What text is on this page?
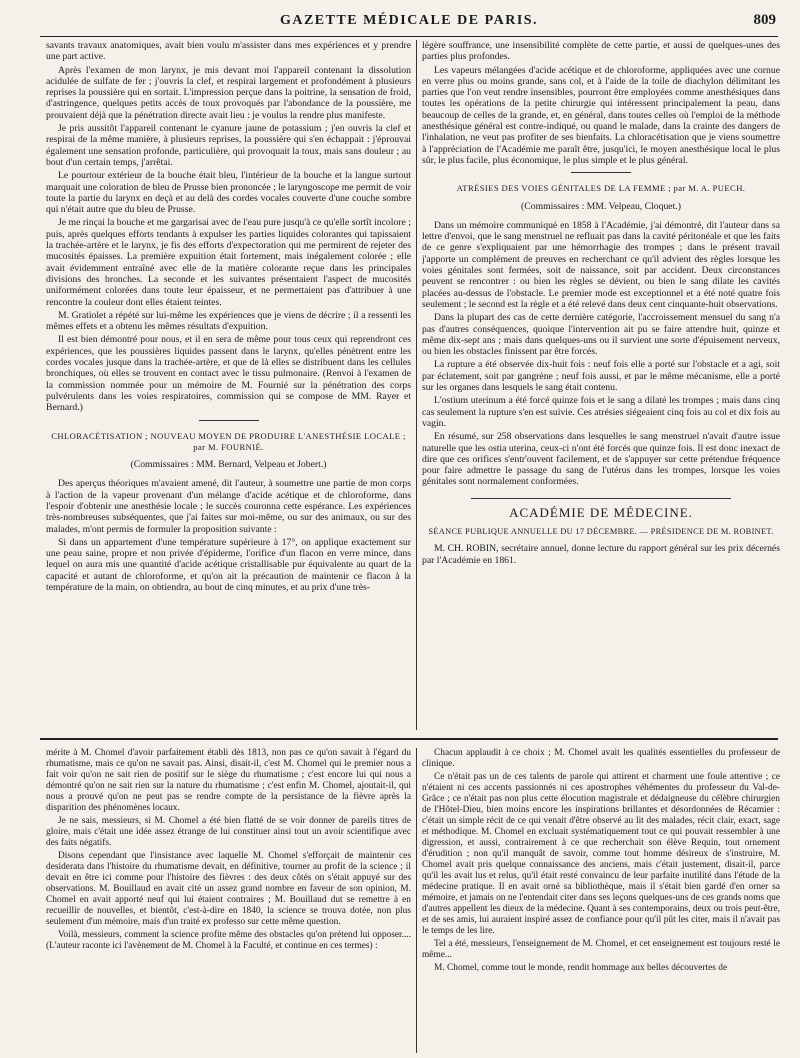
GAZETTE MÉDICALE DE PARIS.	809

savants travaux anatomiques, avait bien voulu m'assister dans mes expériences et y prendre une part active.

Après l'examen de mon larynx, je mis devant moi l'appareil contenant la dissolution acidulée de sulfate de fer ; j'ouvris la clef, et respirai largement et profondément à plusieurs reprises la poussière qui en sortait. L'impression perçue dans la poitrine, la sensation de froid, d'astringence, quelques petits accès de toux provoqués par l'abondance de la poussière, me prouvaient déjà que la pénétration directe avait lieu : je voulus la rendre plus manifeste.

Je pris aussitôt l'appareil contenant le cyanure jaune de potassium ; j'en ouvris la clef et respirai de la même manière, à plusieurs reprises, la poussière qui s'en échappait : j'éprouvai également une sensation profonde, particulière, qui provoquait la toux, mais sans douleur ; au bout d'un certain temps, j'arrêtai.

Le pourtour extérieur de la bouche était bleu, l'intérieur de la bouche et la langue surtout marquait une coloration de bleu de Prusse bien prononcée ; le laryngoscope me permit de voir toute la partie du larynx en deçà et au delà des cordes vocales couverte d'une couche sombre qui n'était autre que du bleu de Prusse.

Je me rinçai la bouche et me gargarisai avec de l'eau pure jusqu'à ce qu'elle sortît incolore ; puis, après quelques efforts tendants à expulser les parties liquides colorantes qui tapissaient la trachée-artère et le larynx, je fis des efforts d'expectoration qui me permirent de rejeter des mucosités épaisses. La première expuition était fortement, mais inégalement colorée ; elle avait évidemment entraîné avec elle de la matière colorante reçue dans les principales divisions des bronches. La seconde et les suivantes présentaient l'aspect de mucosités uniformément colorées dans toute leur épaisseur, et ne permettaient pas d'attribuer à une rencontre la couleur dont elles étaient teintes.

M. Gratiolet a répété sur lui-même les expériences que je viens de décrire ; il a ressenti les mêmes effets et a obtenu les mêmes résultats d'expuition.

Il est bien démontré pour nous, et il en sera de même pour tous ceux qui reprendront ces expériences, que les poussières liquides passent dans le larynx, qu'elles pénètrent entre les cordes vocales jusque dans la trachée-artère, et que de là elles se distribuent dans les cellules bronchiques, où elles se trouvent en contact avec le tissu pulmonaire. (Renvoi à l'examen de la commission nommée pour un mémoire de M. Fournié sur la pénétration des corps pulvérulents dans les voies respiratoires, commission qui se compose de MM. Rayer et Bernard.)

CHLORACÉTISATION ; NOUVEAU MOYEN DE PRODUIRE L'ANESTHÉSIE LOCALE ; par M. FOURNIÉ.

(Commissaires : MM. Bernard, Velpeau et Jobert.)

Des aperçus théoriques m'avaient amené, dit l'auteur, à soumettre une partie de mon corps à l'action de la vapeur provenant d'un mélange d'acide acétique et de chloroforme, dans l'espoir d'obtenir une anesthésie locale ; le succès couronna cette espérance. Les expériences très-nombreuses subséquentes, que j'ai faites sur moi-même, ou sur des animaux, ou sur des malades, m'ont permis de formuler la proposition suivante :

Si dans un appartement d'une température supérieure à 17°, on applique exactement sur une peau saine, propre et non privée d'épiderme, l'orifice d'un flacon en verre mince, dans lequel on aura mis une quantité d'acide acétique cristallisable pur équivalente au quart de la capacité et autant de chloroforme, et qu'on ait la précaution de maintenir ce flacon à la température de la main, on obtiendra, au bout de cinq minutes, et au prix d'une très-

légère souffrance, une insensibilité complète de cette partie, et aussi de quelques-unes des parties plus profondes.

Les vapeurs mélangées d'acide acétique et de chloroforme, appliquées avec une cornue en verre plus ou moins grande, sans col, et à l'aide de la toile de diachylon délimitant les parties que l'on veut rendre insensibles, pourront être employées comme anesthésiques dans toutes les opérations de la petite chirurgie qui intéressent principalement la peau, dans beaucoup de celles de la grande, et, en général, dans toutes celles où l'emploi de la méthode anesthésique général est contre-indiqué, ou quand le malade, dans la crainte des dangers de l'inhalation, ne veut pas profiter de ses bienfaits. La chloracétisation que je viens soumettre à l'appréciation de l'Académie me paraît être, jusqu'ici, le moyen anesthésique local le plus sûr, le plus facile, plus économique, le plus simple et le plus général.

ATRÉSIES DES VOIES GÉNITALES DE LA FEMME ; par M. A. PUECH.

(Commissaires : MM. Velpeau, Cloquet.)

Dans un mémoire communiqué en 1858 à l'Académie, j'ai démontré, dit l'auteur dans sa lettre d'envoi, que le sang menstruel ne refluait pas dans la cavité péritonéale et que les faits de ce genre s'expliquaient par une hémorrhagie des trompes ; dans le présent travail j'apporte un complément de preuves en recherchant ce qu'il advient des règles lorsque les voies génitales sont fermées, soit de naissance, soit par accident. Deux circonstances peuvent se rencontrer : ou bien les règles se dévient, ou bien le sang dilate les cavités placées au-dessus de l'obstacle. Le premier mode est exceptionnel et a été noté quatre fois seulement ; le second est la règle et a été relevé dans deux cent cinquante-huit observations.

Dans la plupart des cas de cette dernière catégorie, l'accroissement mensuel du sang n'a pas d'autres conséquences, quoique l'intervention ait pu se faire attendre huit, quinze et même dix-sept ans ; mais dans quelques-uns ou il survient une sorte d'épuisement nerveux, ou bien les obstacles finissent par être forcés.

La rupture a été observée dix-huit fois : neuf fois elle a porté sur l'obstacle et a agi, soit par éclatement, soit par gangrène ; neuf fois aussi, et par le même mécanisme, elle a porté sur les organes dans lesquels le sang était contenu.

L'ostium uterinum a été forcé quinze fois et le sang a dilaté les trompes ; mais dans cinq cas seulement la rupture s'en est suivie. Ces atrésies siégeaient cinq fois au col et dix fois au vagin.

En résumé, sur 258 observations dans lesquelles le sang menstruel n'avait d'autre issue naturelle que les ostia uterina, ceux-ci n'ont été forcés que quinze fois. Il est donc inexact de dire que ces orifices s'entr'ouvent facilement, et de s'appuyer sur cette prétendue fréquence pour faire admettre le passage du sang de l'utérus dans les trompes, lorsque les voies génitales sont normalement conformées.

ACADÉMIE DE MÉDECINE.

SÉANCE PUBLIQUE ANNUELLE DU 17 DÉCEMBRE. — PRÉSIDENCE DE M. ROBINET.

M. CH. ROBIN, secrétaire annuel, donne lecture du rapport général sur les prix décernés par l'Académie en 1861.

mérite à M. Chomel d'avoir parfaitement établi dès 1813, non pas ce qu'on savait à l'égard du rhumatisme, mais ce qu'on ne savait pas. Ainsi, disait-il, c'est M. Chomel qui le premier nous a fait voir qu'on ne sait rien de positif sur le siège du rhumatisme ; c'est encore lui qui nous a démontré qu'on ne sait rien sur la nature du rhumatisme ; c'est enfin M. Chomel, ajoutait-il, qui nous a prouvé qu'on ne peut pas se rendre compte de la persistance de la fièvre après la disparition des phénomènes locaux.

Je ne sais, messieurs, si M. Chomel a été bien flatté de se voir donner de pareils titres de gloire, mais c'était une idée assez étrange de lui constituer ainsi tout un avoir scientifique avec des faits négatifs.

Disons cependant que l'insistance avec laquelle M. Chomel s'efforçait de maintenir ces desiderata dans l'histoire du rhumatisme devait, en définitive, tourner au profit de la science ; il devait en être ici comme pour l'histoire des fièvres : des deux côtés on s'était appuyé sur des observations. M. Bouillaud en avait cité un assez grand nombre en faveur de son opinion, M. Chomel en avait apporté neuf qui lui étaient contraires ; M. Bouillaud dut se remettre à en recueillir de nouvelles, et bientôt, c'est-à-dire en 1840, la science se trouva dotée, non plus seulement d'un mémoire, mais d'un traité ex professo sur cette même question.

Voilà, messieurs, comment la science profite même des obstacles qu'on prétend lui opposer.... (L'auteur raconte ici l'avènement de M. Chomel à la Faculté, et continue en ces termes) :

Chacun applaudit à ce choix ; M. Chomel avait les qualités essentielles du professeur de clinique.

Ce n'était pas un de ces talents de parole qui attirent et charment une foule attentive ; ce n'étaient ni ces accents passionnés ni ces apostrophes véhémentes du professeur du Val-de-Grâce ; ce n'était pas non plus cette élocution magistrale et dédaigneuse du célèbre chirurgien de l'Hôtel-Dieu, bien moins encore les inspirations brillantes et désordonnées de Récamier : c'était un simple récit de ce qui venait d'être observé au lit des malades, récit clair, exact, sage et méthodique. M. Chomel en excluait systématiquement tout ce qui pouvait ressembler à une digression, et aussi, contrairement à ce que recherchait son élève Requin, tout ornement d'érudition ; non qu'il manquât de savoir, comme tout homme désireux de s'instruire, M. Chomel avait pris quelque connaissance des anciens, mais c'était justement, disait-il, parce qu'il les avait lus et relus, qu'il était resté convaincu de leur parfaite inutilité dans l'étude de la médecine pratique. Il en avait orné sa bibliothèque, mais il s'était bien gardé d'en orner sa mémoire, et jamais on ne l'entendait citer dans ses leçons quelques-uns de ces grands noms que d'autres appellent les dieux de la médecine. Quant à ses contemporains, deux ou trois peut-être, et de ses amis, lui auraient inspiré assez de confiance pour qu'il pût les citer, mais il n'avait pas le temps de les lire.

Tel a été, messieurs, l'enseignement de M. Chomel, et cet enseignement est toujours resté le même...

M. Chomel, comme tout le monde, rendit hommage aux belles découvertes de
